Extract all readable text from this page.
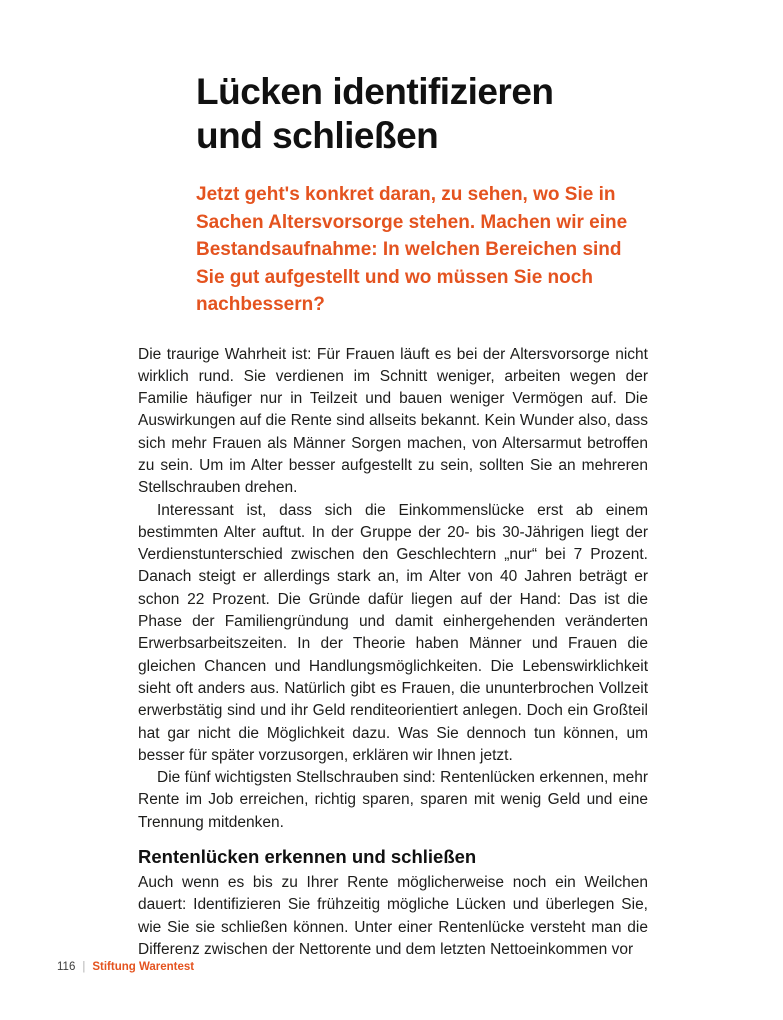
Lücken identifizieren
und schließen

Jetzt geht's konkret daran, zu sehen, wo Sie in Sachen Altersvorsorge stehen. Machen wir eine Bestandsaufnahme: In welchen Bereichen sind Sie gut aufgestellt und wo müssen Sie noch nachbessern?

Die traurige Wahrheit ist: Für Frauen läuft es bei der Altersvorsorge nicht wirklich rund. Sie verdienen im Schnitt weniger, arbeiten wegen der Familie häufiger nur in Teilzeit und bauen weniger Vermögen auf. Die Auswirkungen auf die Rente sind allseits bekannt. Kein Wunder also, dass sich mehr Frauen als Männer Sorgen machen, von Altersarmut betroffen zu sein. Um im Alter besser aufgestellt zu sein, sollten Sie an mehreren Stellschrauben drehen.

Interessant ist, dass sich die Einkommenslücke erst ab einem bestimmten Alter auftut. In der Gruppe der 20- bis 30-Jährigen liegt der Verdienstunterschied zwischen den Geschlechtern „nur“ bei 7 Prozent. Danach steigt er allerdings stark an, im Alter von 40 Jahren beträgt er schon 22 Prozent. Die Gründe dafür liegen auf der Hand: Das ist die Phase der Familiengründung und damit einhergehenden veränderten Erwerbsarbeitszeiten. In der Theorie haben Männer und Frauen die gleichen Chancen und Handlungsmöglichkeiten. Die Lebenswirklichkeit sieht oft anders aus. Natürlich gibt es Frauen, die ununterbrochen Vollzeit erwerbstätig sind und ihr Geld renditeorientiert anlegen. Doch ein Großteil hat gar nicht die Möglichkeit dazu. Was Sie dennoch tun können, um besser für später vorzusorgen, erklären wir Ihnen jetzt.

Die fünf wichtigsten Stellschrauben sind: Rentenlücken erkennen, mehr Rente im Job erreichen, richtig sparen, sparen mit wenig Geld und eine Trennung mitdenken.

Rentenlücken erkennen und schließen

Auch wenn es bis zu Ihrer Rente möglicherweise noch ein Weilchen dauert: Identifizieren Sie frühzeitig mögliche Lücken und überlegen Sie, wie Sie sie schließen können. Unter einer Rentenlücke versteht man die Differenz zwischen der Nettorente und dem letzten Nettoeinkommen vor

116 | Stiftung Warentest
